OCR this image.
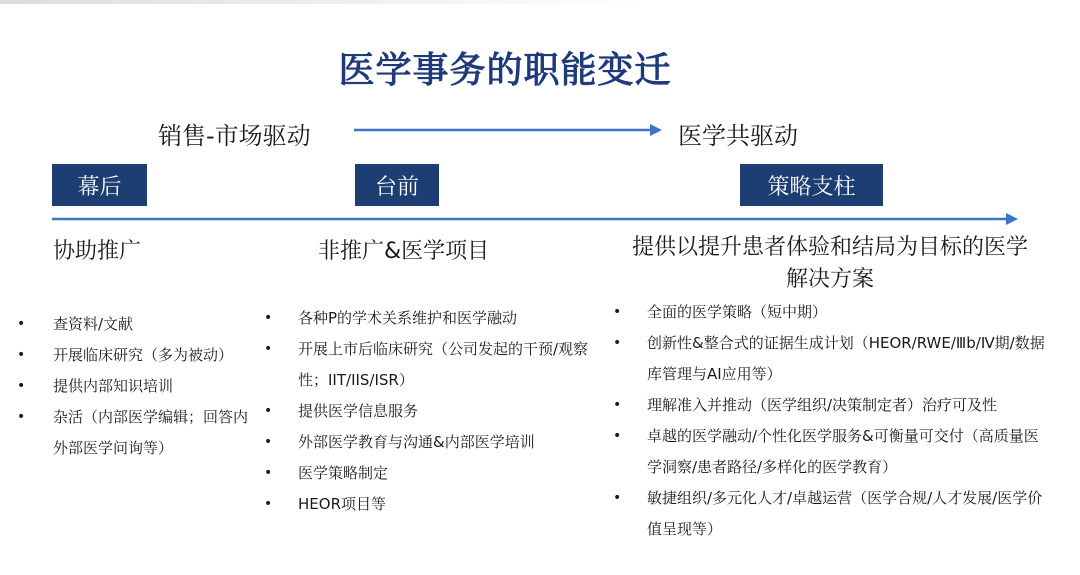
医学事务的职能变迁
销售-市场驱动	医学共驱动
幕后	台前	策略支柱
协助推广
• 查资料/文献
• 开展临床研究（多为被动）
• 提供内部知识培训
• 杂活（内部医学编辑；回答内外部医学问询等）
非推广&医学项目
• 各种P的学术关系维护和医学融动
• 开展上市后临床研究（公司发起的干预/观察性；IIT/IIS/ISR）
• 提供医学信息服务
• 外部医学教育与沟通&内部医学培训
• 医学策略制定
• HEOR项目等
提供以提升患者体验和结局为目标的医学解决方案
• 全面的医学策略（短中期）
• 创新性&整合式的证据生成计划（HEOR/RWE/Ⅲb/Ⅳ期/数据库管理与AI应用等）
• 理解准入并推动（医学组织/决策制定者）治疗可及性
• 卓越的医学融动/个性化医学服务&可衡量可交付（高质量医学洞察/患者路径/多样化的医学教育）
• 敏捷组织/多元化人才/卓越运营（医学合规/人才发展/医学价值呈现等）
